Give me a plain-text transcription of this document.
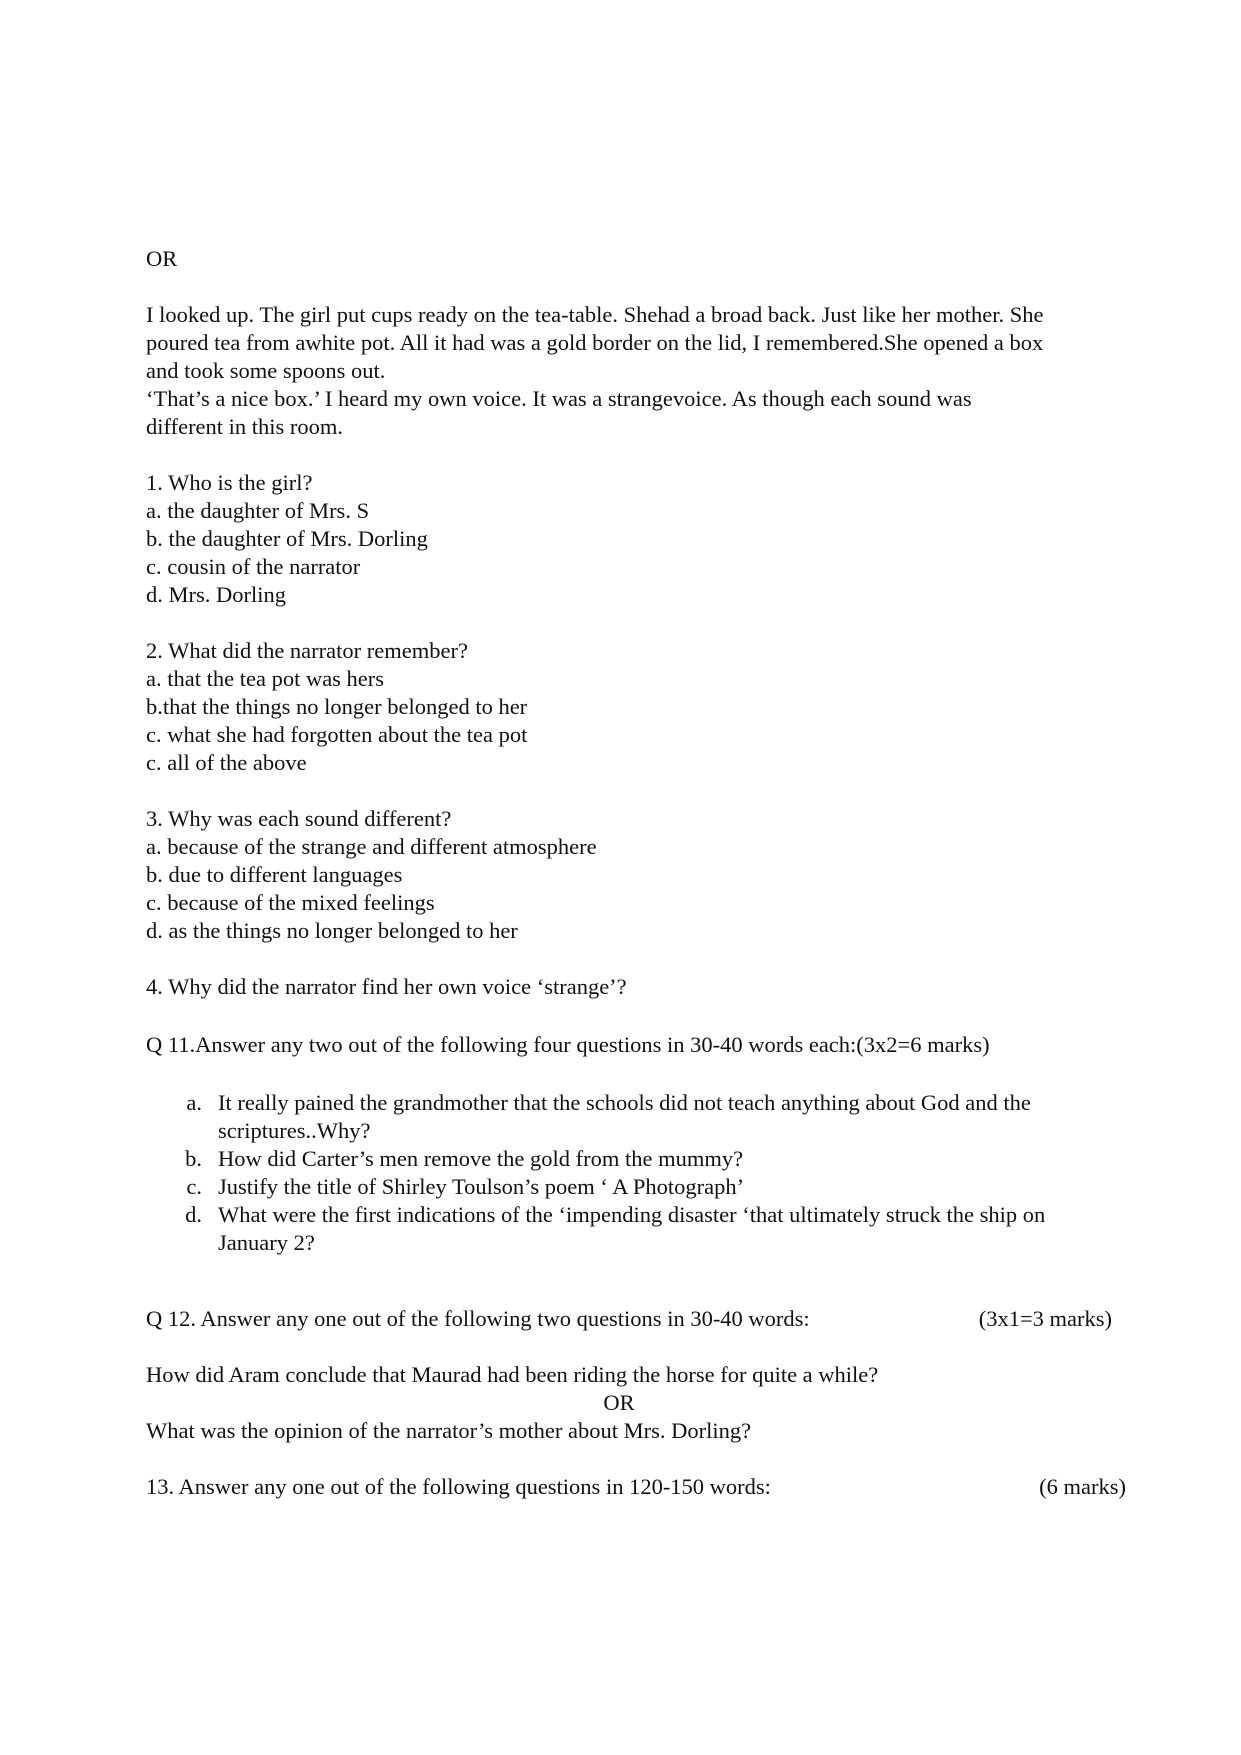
OR
I looked up. The girl put cups ready on the tea-table. Shehad a broad back. Just like her mother. She
poured tea from awhite pot. All it had was a gold border on the lid, I remembered.She opened a box
and took some spoons out.
‘That’s a nice box.’ I heard my own voice. It was a strangevoice. As though each sound was
different in this room.
1. Who is the girl?
a. the daughter of Mrs. S
b. the daughter of Mrs. Dorling
c. cousin of the narrator
d. Mrs. Dorling
2. What did the narrator remember?
a. that the tea pot was hers
b.that the things no longer belonged to her
c. what she had forgotten about the tea pot
c. all of the above
3. Why was each sound different?
a. because of the strange and different atmosphere
b. due to different languages
c. because of the mixed feelings
d. as the things no longer belonged to her
4. Why did the narrator find her own voice ‘strange’?
Q 11.Answer any two out of the following four questions in 30-40 words each:(3x2=6 marks)
a. It really pained the grandmother that the schools did not teach anything about God and the
scriptures..Why?
b. How did Carter’s men remove the gold from the mummy?
c. Justify the title of Shirley Toulson’s poem ‘ A Photograph’
d. What were the first indications of the ‘impending disaster ‘that ultimately struck the ship on
January 2?
Q 12. Answer any one out of the following two questions in 30-40 words:	(3x1=3 marks)
How did Aram conclude that Maurad had been riding the horse for quite a while?
OR
What was the opinion of the narrator’s mother about Mrs. Dorling?
13. Answer any one out of the following questions in 120-150 words:	(6 marks)
